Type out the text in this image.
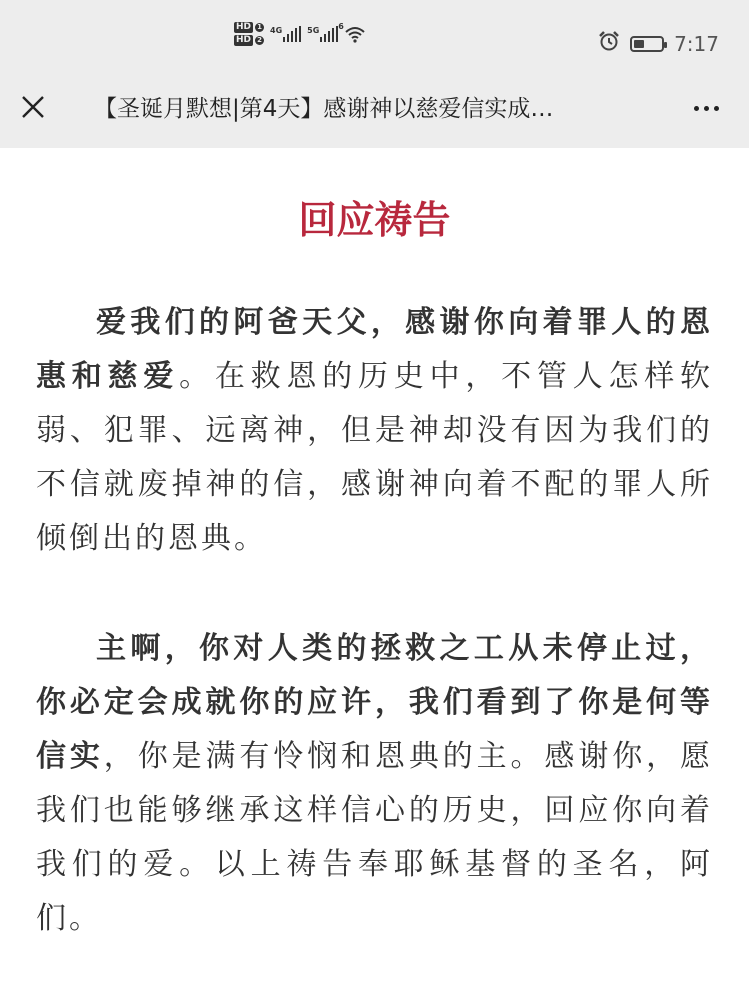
HD 1
HD 2
4G	5G 6
7:17
【圣诞月默想|第4天】感谢神以慈爱信实成…
回应祷告

爱我们的阿爸天父，感谢你向着罪人的恩惠和慈爱。在救恩的历史中，不管人怎样软弱、犯罪、远离神，但是神却没有因为我们的不信就废掉神的信，感谢神向着不配的罪人所倾倒出的恩典。

主啊，你对人类的拯救之工从未停止过，你必定会成就你的应许，我们看到了你是何等信实，你是满有怜悯和恩典的主。感谢你，愿我们也能够继承这样信心的历史，回应你向着我们的爱。以上祷告奉耶稣基督的圣名，阿们。
